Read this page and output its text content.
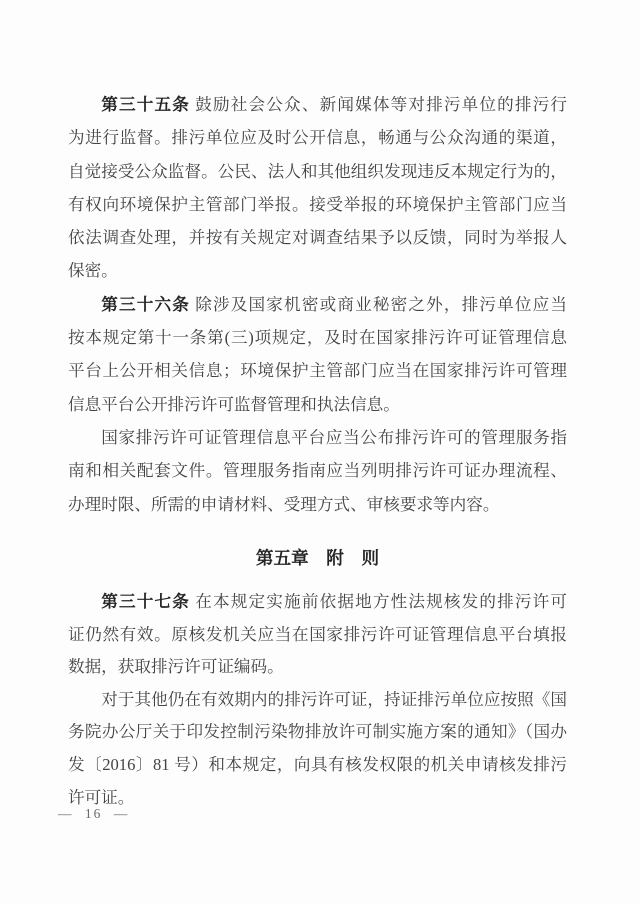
第三十五条 鼓励社会公众、新闻媒体等对排污单位的排污行
为进行监督。排污单位应及时公开信息，畅通与公众沟通的渠道，
自觉接受公众监督。公民、法人和其他组织发现违反本规定行为的，
有权向环境保护主管部门举报。接受举报的环境保护主管部门应当
依法调查处理，并按有关规定对调查结果予以反馈，同时为举报人
保密。
第三十六条 除涉及国家机密或商业秘密之外，排污单位应当
按本规定第十一条第(三)项规定，及时在国家排污许可证管理信息
平台上公开相关信息；环境保护主管部门应当在国家排污许可管理
信息平台公开排污许可监督管理和执法信息。
国家排污许可证管理信息平台应当公布排污许可的管理服务指
南和相关配套文件。管理服务指南应当列明排污许可证办理流程、
办理时限、所需的申请材料、受理方式、审核要求等内容。
第五章　附　则
第三十七条 在本规定实施前依据地方性法规核发的排污许可
证仍然有效。原核发机关应当在国家排污许可证管理信息平台填报
数据，获取排污许可证编码。
对于其他仍在有效期内的排污许可证，持证排污单位应按照《国
务院办公厅关于印发控制污染物排放许可制实施方案的通知》（国办
发〔2016〕81 号）和本规定，向具有核发权限的机关申请核发排污
许可证。
— 16 —
